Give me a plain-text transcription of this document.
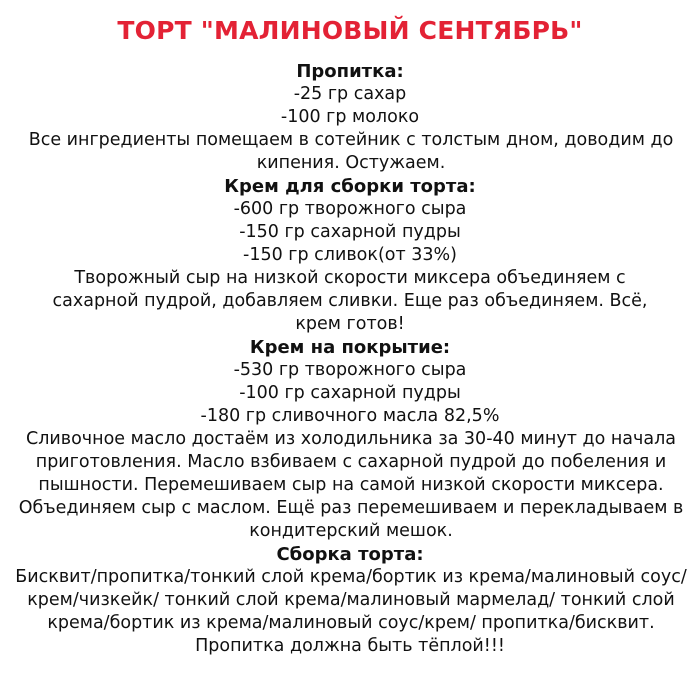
ТОРТ "МАЛИНОВЫЙ СЕНТЯБРЬ"
Пропитка:
-25 гр сахар
-100 гр молоко
Все ингредиенты помещаем в сотейник с толстым дном, доводим до кипения. Остужаем.
Крем для сборки торта:
-600 гр творожного сыра
-150 гр сахарной пудры
-150 гр сливок(от 33%)
Творожный сыр на низкой скорости миксера объединяем с сахарной пудрой, добавляем сливки. Еще раз объединяем. Всё, крем готов!
Крем на покрытие:
-530 гр творожного сыра
-100 гр сахарной пудры
-180 гр сливочного масла 82,5%
Сливочное масло достаём из холодильника за 30-40 минут до начала приготовления. Масло взбиваем с сахарной пудрой до побеления и пышности. Перемешиваем сыр на самой низкой скорости миксера. Объединяем сыр с маслом. Ещё раз перемешиваем и перекладываем в кондитерский мешок.
Сборка торта:
Бисквит/пропитка/тонкий слой крема/бортик из крема/малиновый соус/крем/чизкейк/ тонкий слой крема/малиновый мармелад/ тонкий слой крема/бортик из крема/малиновый соус/крем/ пропитка/бисквит.
Пропитка должна быть тёплой!!!
